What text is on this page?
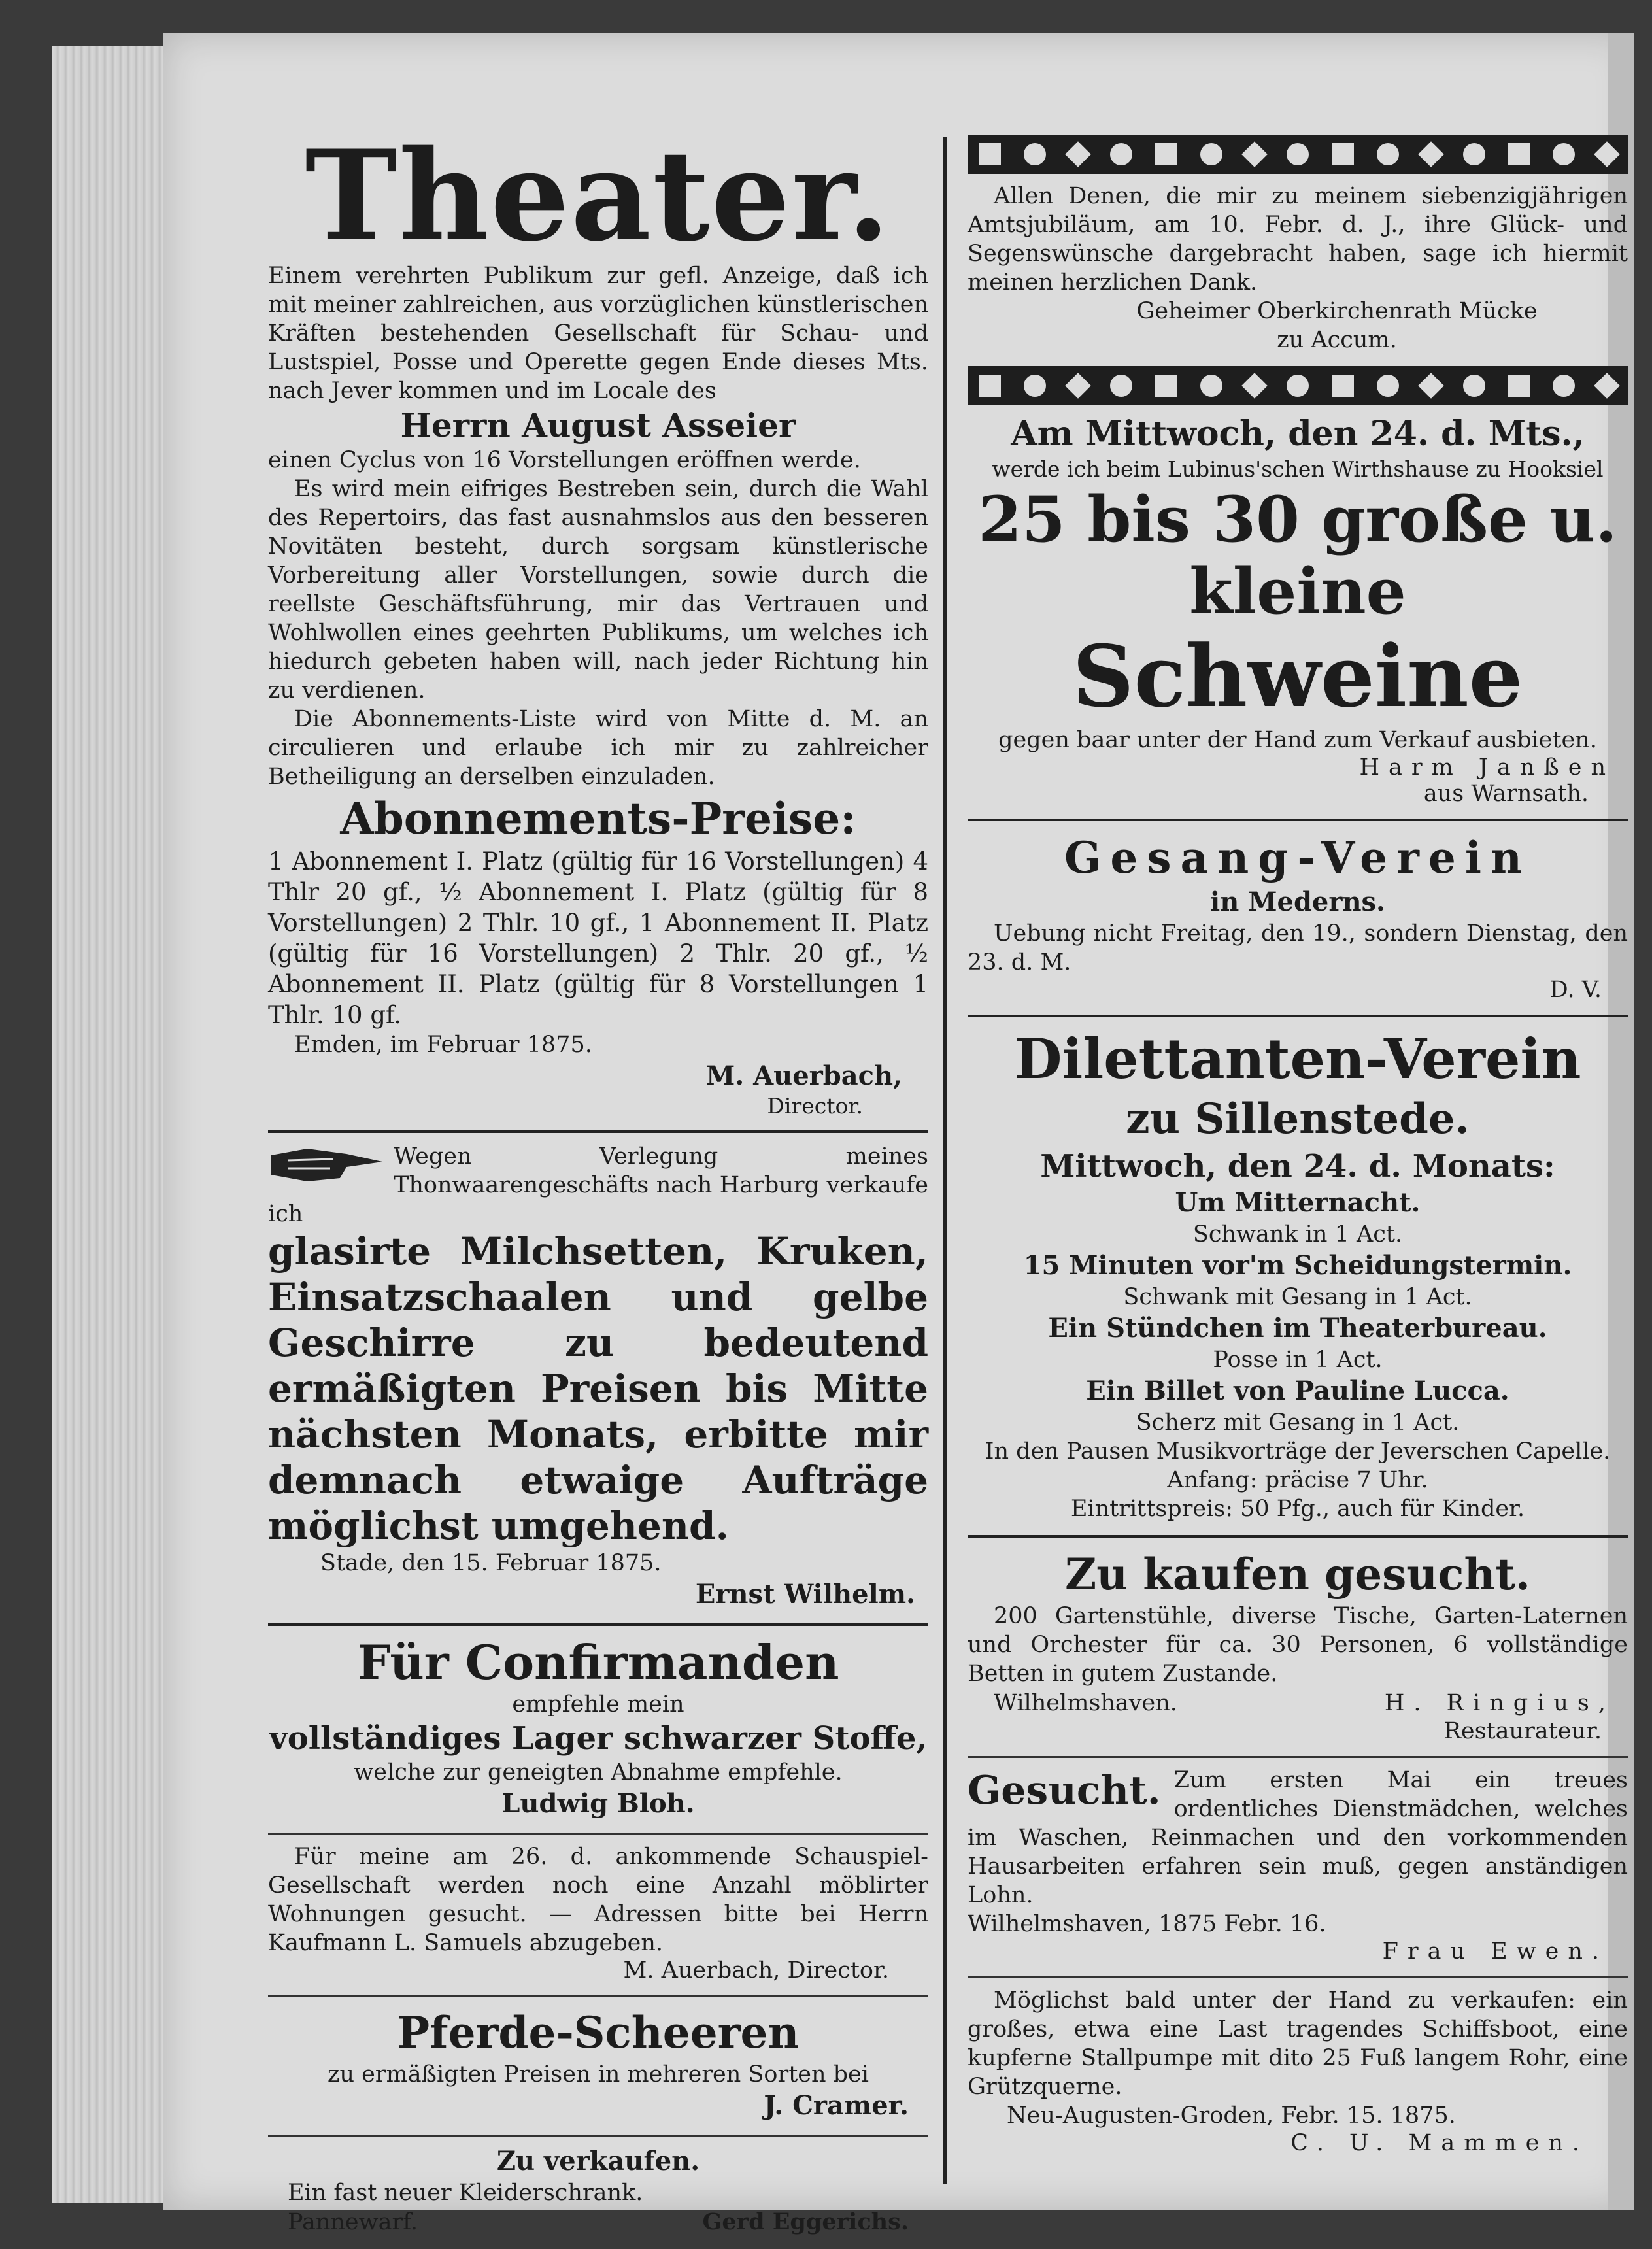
Theater.

Einem verehrten Publikum zur gefl. Anzeige, daß ich mit meiner zahlreichen, aus vorzüglichen künstlerischen Kräften bestehenden Gesellschaft für Schau- und Lustspiel, Posse und Operette gegen Ende dieses Mts. nach Jever kommen und im Locale des

Herrn August Asseier

einen Cyclus von 16 Vorstellungen eröffnen werde.

Es wird mein eifriges Bestreben sein, durch die Wahl des Repertoirs, das fast ausnahmslos aus den besseren Novitäten besteht, durch sorgsam künstlerische Vorbereitung aller Vorstellungen, sowie durch die reellste Geschäftsführung, mir das Vertrauen und Wohlwollen eines geehrten Publikums, um welches ich hiedurch gebeten haben will, nach jeder Richtung hin zu verdienen.

Die Abonnements-Liste wird von Mitte d. M. an circulieren und erlaube ich mir zu zahlreicher Betheiligung an derselben einzuladen.

Abonnements-Preise:

1 Abonnement I. Platz (gültig für 16 Vorstellungen) 4 Thlr 20 gf., ½ Abonnement I. Platz (gültig für 8 Vorstellungen) 2 Thlr. 10 gf., 1 Abonnement II. Platz (gültig für 16 Vorstellungen) 2 Thlr. 20 gf., ½ Abonnement II. Platz (gültig für 8 Vorstellungen 1 Thlr. 10 gf.

Emden, im Februar 1875.

M. Auerbach,
Director.

Wegen Verlegung meines Thonwaarengeschäfts nach Harburg verkaufe ich

glasirte Milchsetten, Kruken, Einsatzschaalen und gelbe Geschirre zu bedeutend ermäßigten Preisen bis Mitte nächsten Monats, erbitte mir demnach etwaige Aufträge möglichst umgehend.

Stade, den 15. Februar 1875.

Ernst Wilhelm.
Für Confirmanden

empfehle mein

vollständiges Lager schwarzer Stoffe,

welche zur geneigten Abnahme empfehle.

Ludwig Bloh.

Für meine am 26. d. ankommende Schauspiel-Gesellschaft werden noch eine Anzahl möblirter Wohnungen gesucht. — Adressen bitte bei Herrn Kaufmann L. Samuels abzugeben.

M. Auerbach, Director.
Pferde-Scheeren

zu ermäßigten Preisen in mehreren Sorten bei

J. Cramer.
Zu verkaufen.

Ein fast neuer Kleiderschrank.

Pannewarf.	Gerd Eggerichs.

Allen Denen, die mir zu meinem siebenzigjährigen Amtsjubiläum, am 10. Febr. d. J., ihre Glück- und Segenswünsche dargebracht haben, sage ich hiermit meinen herzlichen Dank.

Geheimer Oberkirchenrath Mücke

zu Accum.

Am Mittwoch, den 24. d. Mts.,

werde ich beim Lubinus'schen Wirthshause zu Hooksiel

25 bis 30 große u. kleine
Schweine

gegen baar unter der Hand zum Verkauf ausbieten.

Harm Janßen
aus Warnsath.
Gesang-Verein
in Mederns.

Uebung nicht Freitag, den 19., sondern Dienstag, den 23. d. M.

D. V.
Dilettanten-Verein
zu Sillenstede.
Mittwoch, den 24. d. Monats:
Um Mitternacht.

Schwank in 1 Act.

15 Minuten vor'm Scheidungstermin.

Schwank mit Gesang in 1 Act.

Ein Stündchen im Theaterbureau.

Posse in 1 Act.

Ein Billet von Pauline Lucca.

Scherz mit Gesang in 1 Act.

In den Pausen Musikvorträge der Jeverschen Capelle.

Anfang: präcise 7 Uhr.

Eintrittspreis: 50 Pfg., auch für Kinder.

Zu kaufen gesucht.

200 Gartenstühle, diverse Tische, Garten-Laternen und Orchester für ca. 30 Personen, 6 vollständige Betten in gutem Zustande.

Wilhelmshaven.	H. Ringius,
Restaurateur.
Gesucht. Zum ersten Mai ein treues ordentliches Dienstmädchen, welches im Waschen, Reinmachen und den vorkommenden Hausarbeiten erfahren sein muß, gegen anständigen Lohn.

Wilhelmshaven, 1875 Febr. 16.

Frau Ewen.

Möglichst bald unter der Hand zu verkaufen: ein großes, etwa eine Last tragendes Schiffsboot, eine kupferne Stallpumpe mit dito 25 Fuß langem Rohr, eine Grützquerne.

Neu-Augusten-Groden, Febr. 15. 1875.

C. U. Mammen.
